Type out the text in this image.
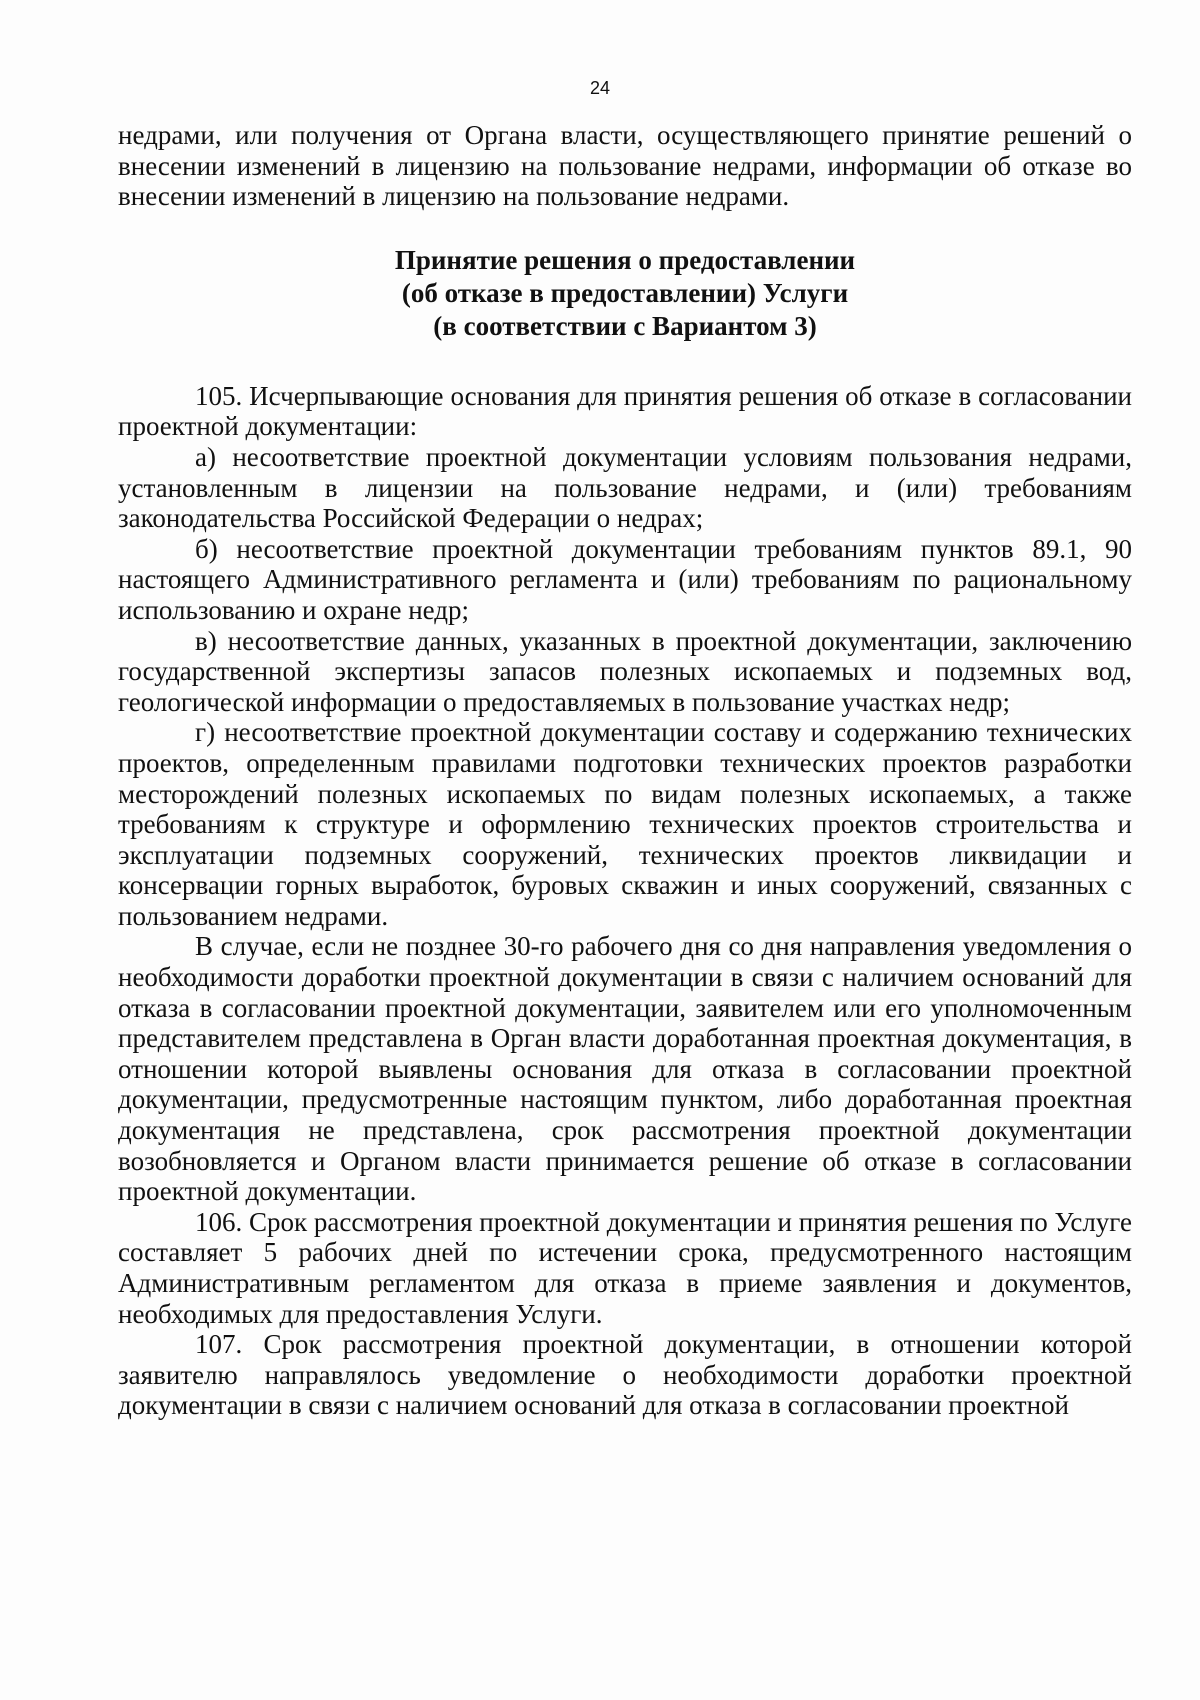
24

недрами, или получения от Органа власти, осуществляющего принятие решений о внесении изменений в лицензию на пользование недрами, информации об отказе во внесении изменений в лицензию на пользование недрами.

Принятие решения о предоставлении
(об отказе в предоставлении) Услуги
(в соответствии с Вариантом 3)

105. Исчерпывающие основания для принятия решения об отказе в согласовании проектной документации:

а) несоответствие проектной документации условиям пользования недрами, установленным в лицензии на пользование недрами, и (или) требованиям законодательства Российской Федерации о недрах;

б) несоответствие проектной документации требованиям пунктов 89.1, 90 настоящего Административного регламента и (или) требованиям по рациональному использованию и охране недр;

в) несоответствие данных, указанных в проектной документации, заключению государственной экспертизы запасов полезных ископаемых и подземных вод, геологической информации о предоставляемых в пользование участках недр;

г) несоответствие проектной документации составу и содержанию технических проектов, определенным правилами подготовки технических проектов разработки месторождений полезных ископаемых по видам полезных ископаемых, а также требованиям к структуре и оформлению технических проектов строительства и эксплуатации подземных сооружений, технических проектов ликвидации и консервации горных выработок, буровых скважин и иных сооружений, связанных с пользованием недрами.

В случае, если не позднее 30-го рабочего дня со дня направления уведомления о необходимости доработки проектной документации в связи с наличием оснований для отказа в согласовании проектной документации, заявителем или его уполномоченным представителем представлена в Орган власти доработанная проектная документация, в отношении которой выявлены основания для отказа в согласовании проектной документации, предусмотренные настоящим пунктом, либо доработанная проектная документация не представлена, срок рассмотрения проектной документации возобновляется и Органом власти принимается решение об отказе в согласовании проектной документации.

106. Срок рассмотрения проектной документации и принятия решения по Услуге составляет 5 рабочих дней по истечении срока, предусмотренного настоящим Административным регламентом для отказа в приеме заявления и документов, необходимых для предоставления Услуги.

107. Срок рассмотрения проектной документации, в отношении которой заявителю направлялось уведомление о необходимости доработки проектной документации в связи с наличием оснований для отказа в согласовании проектной
